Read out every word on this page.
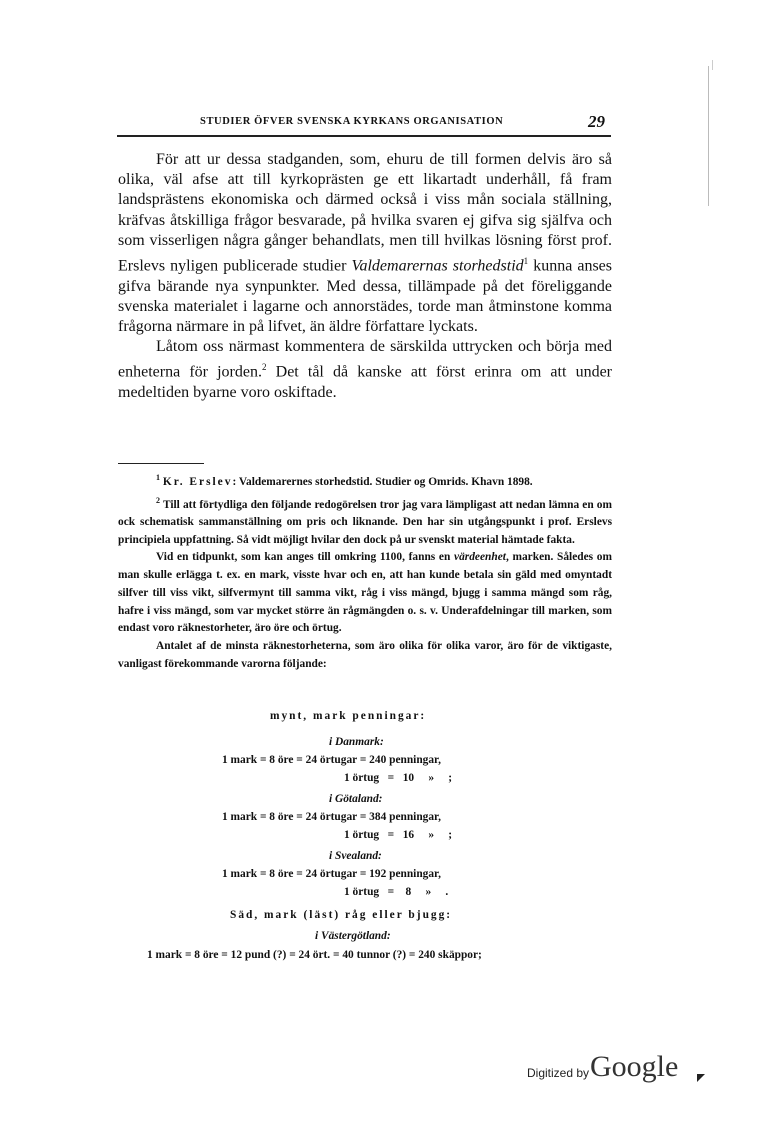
STUDIER ÖFVER SVENSKA KYRKANS ORGANISATION	29

För att ur dessa stadganden, som, ehuru de till formen delvis äro så olika, väl afse att till kyrkoprästen ge ett likartadt underhåll, få fram landsprästens ekonomiska och därmed också i viss mån sociala ställning, kräfvas åtskilliga frågor besvarade, på hvilka svaren ej gifva sig själfva och som visserligen några gånger behandlats, men till hvilkas lösning först prof. Erslevs nyligen publicerade studier Valdemarernas storhedstid$^1$ kunna anses gifva bärande nya synpunkter. Med dessa, tillämpade på det föreliggande svenska materialet i lagarne och annorstädes, torde man åtminstone komma frågorna närmare in på lifvet, än äldre författare lyckats.

Låtom oss närmast kommentera de särskilda uttrycken och börja med enheterna för jorden.$^2$ Det tål då kanske att först erinra om att under medeltiden byarne voro oskiftade.

$^1$ Kr. Erslev: Valdemarernes storhedstid. Studier og Omrids. Khavn 1898.

$^2$ Till att förtydliga den följande redogörelsen tror jag vara lämpligast att nedan lämna en om ock schematisk sammanställning om pris och liknande. Den har sin utgångspunkt i prof. Erslevs principiela uppfattning. Så vidt möjligt hvilar den dock på ur svenskt material hämtade fakta.

Vid en tidpunkt, som kan anges till omkring 1100, fanns en värdeenhet, marken. Således om man skulle erlägga t. ex. en mark, visste hvar och en, att han kunde betala sin gäld med omyntadt silfver till viss vikt, silfvermynt till samma vikt, råg i viss mängd, bjugg i samma mängd som råg, hafre i viss mängd, som var mycket större än rågmängden o. s. v. Underafdelningar till marken, som endast voro räknestorheter, äro öre och örtug.

Antalet af de minsta räknestorheterna, som äro olika för olika varor, äro för de viktigaste, vanligast förekommande varorna följande:

mynt, mark penningar:
i Danmark:
1 mark = 8 öre = 24 örtugar = 240 penningar,
1 örtug   =   10     »     ;
i Götaland:
1 mark = 8 öre = 24 örtugar = 384 penningar,
1 örtug   =   16     »     ;
i Svealand:
1 mark = 8 öre = 24 örtugar = 192 penningar,
1 örtug   =    8     »     .
Säd, mark (läst) råg eller bjugg:
i Västergötland:
1 mark = 8 öre = 12 pund (?) = 24 ört. = 40 tunnor (?) = 240 skäppor;
Digitized by Google
